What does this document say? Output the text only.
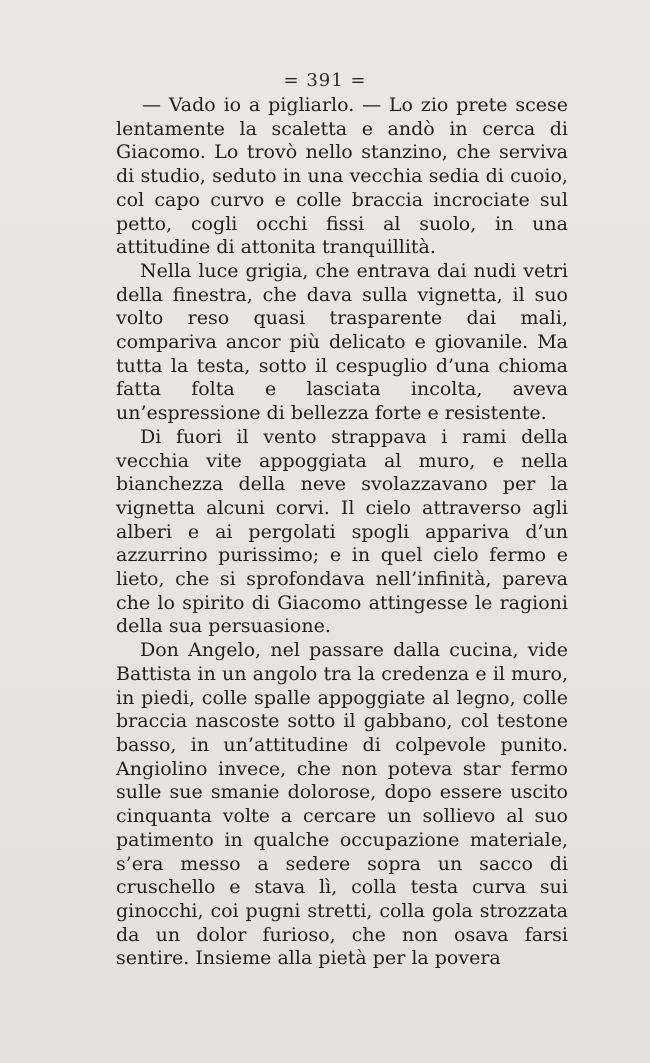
= 391 =

— Vado io a pigliarlo. — Lo zio prete scese lentamente la scaletta e andò in cerca di Giacomo. Lo trovò nello stanzino, che serviva di studio, seduto in una vecchia sedia di cuoio, col capo curvo e colle braccia incrociate sul petto, cogli occhi fissi al suolo, in una attitudine di attonita tranquillità.

Nella luce grigia, che entrava dai nudi vetri della finestra, che dava sulla vignetta, il suo volto reso quasi trasparente dai mali, compariva ancor più delicato e giovanile. Ma tutta la testa, sotto il cespuglio d’una chioma fatta folta e lasciata incolta, aveva un’espressione di bellezza forte e resistente.

Di fuori il vento strappava i rami della vecchia vite appoggiata al muro, e nella bianchezza della neve svolazzavano per la vignetta alcuni corvi. Il cielo attraverso agli alberi e ai pergolati spogli appariva d’un azzurrino purissimo; e in quel cielo fermo e lieto, che si sprofondava nell’infinità, pareva che lo spirito di Giacomo attingesse le ragioni della sua persuasione.

Don Angelo, nel passare dalla cucina, vide Battista in un angolo tra la credenza e il muro, in piedi, colle spalle appoggiate al legno, colle braccia nascoste sotto il gabbano, col testone basso, in un’attitudine di colpevole punito. Angiolino invece, che non poteva star fermo sulle sue smanie dolorose, dopo essere uscito cinquanta volte a cercare un sollievo al suo patimento in qualche occupazione materiale, s’era messo a sedere sopra un sacco di cruschello e stava lì, colla testa curva sui ginocchi, coi pugni stretti, colla gola strozzata da un dolor furioso, che non osava farsi sentire. Insieme alla pietà per la povera
